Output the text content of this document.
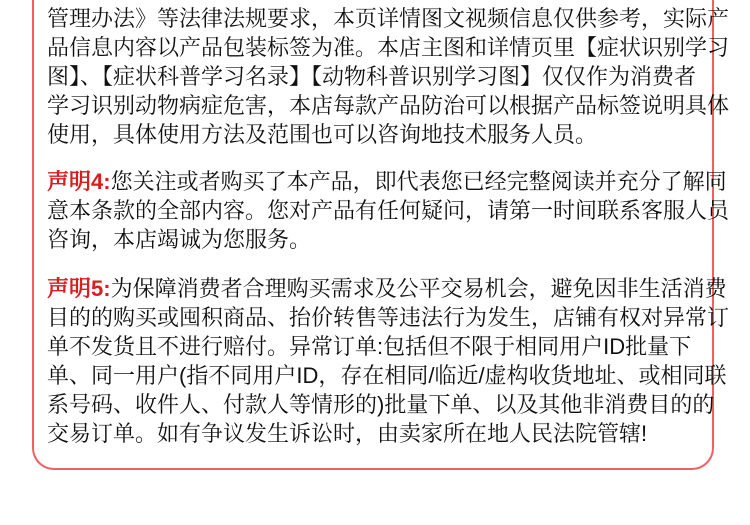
管理办法》等法律法规要求，本页详情图文视频信息仅供参考，实际产
品信息内容以产品包装标签为准。本店主图和详情页里【症状识别学习
图】、【症状科普学习名录】【动物科普识别学习图】仅仅作为消费者
学习识别动物病症危害，本店每款产品防治可以根据产品标签说明具体
使用，具体使用方法及范围也可以咨询地技术服务人员。

声明4:您关注或者购买了本产品，即代表您已经完整阅读并充分了解同
意本条款的全部内容。您对产品有任何疑问，请第一时间联系客服人员
咨询，本店竭诚为您服务。

声明5:为保障消费者合理购买需求及公平交易机会，避免因非生活消费
目的的购买或囤积商品、抬价转售等违法行为发生，店铺有权对异常订
单不发货且不进行赔付。异常订单:包括但不限于相同用户ID批量下
单、同一用户(指不同用户ID，存在相同/临近/虚构收货地址、或相同联
系号码、收件人、付款人等情形的)批量下单、以及其他非消费目的的
交易订单。如有争议发生诉讼时，由卖家所在地人民法院管辖!
